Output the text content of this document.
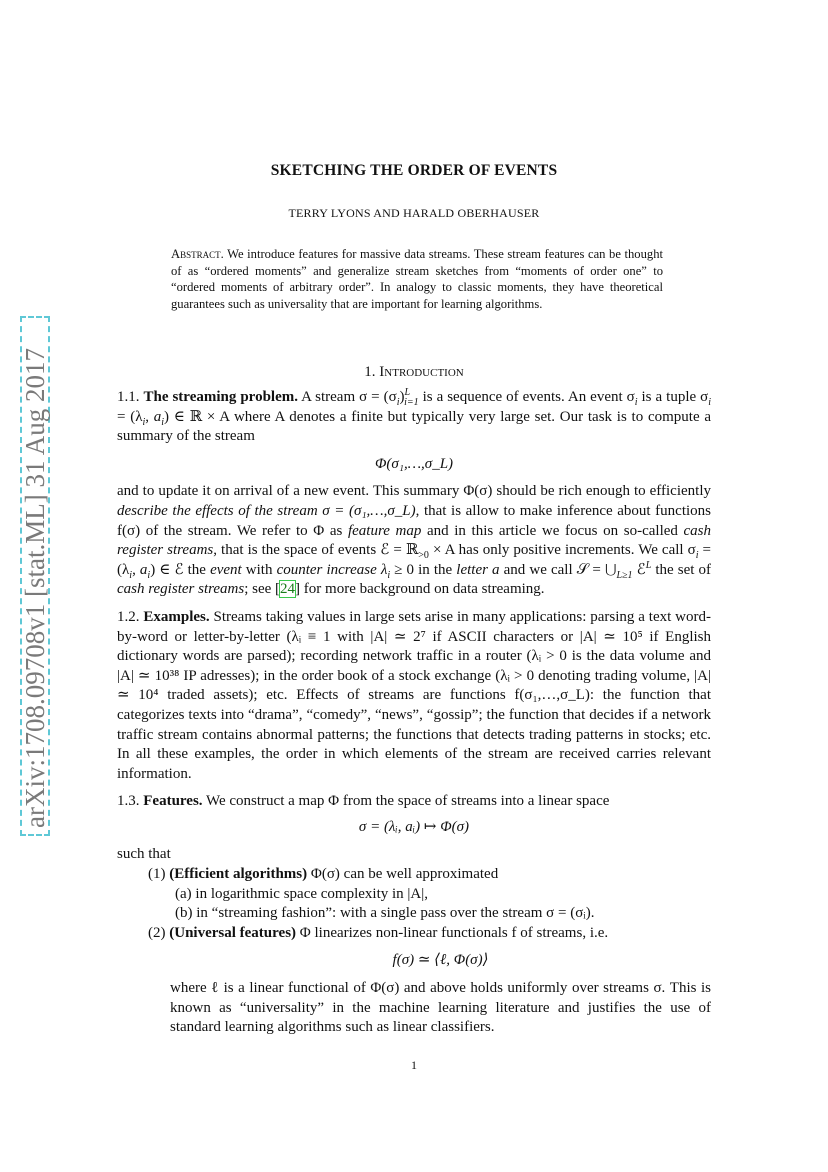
arXiv:1708.09708v1 [stat.ML] 31 Aug 2017
SKETCHING THE ORDER OF EVENTS
TERRY LYONS AND HARALD OBERHAUSER
Abstract. We introduce features for massive data streams. These stream features can be thought of as “ordered moments” and generalize stream sketches from “moments of order one” to “ordered moments of arbitrary order”. In analogy to classic moments, they have theoretical guarantees such as universality that are important for learning algorithms.
1. Introduction

1.1. The streaming problem. A stream $\sigma = (\sigma_i)^L_{i=1}$ is a sequence of events. An event $\sigma_i$ is a tuple $\sigma_i = (\lambda_i$, $a_i$) ∈ ℝ × A where A denotes a finite but typically very large set. Our task is to compute a summary of the stream

Φ(σ₁,…,σ_L)

and to update it on arrival of a new event. This summary Φ(σ) should be rich enough to efficiently describe the effects of the stream σ = (σ₁,…,σ_L), that is allow to make inference about functions f(σ) of the stream. We refer to Φ as feature map and in this article we focus on so-called cash register streams, that is the space of events ℰ = ℝ$_{>0}$ × A has only positive increments. We call $\sigma_i = (\lambda_i$, $a_i$) ∈ ℰ the event with counter increase $\lambda_i \ge 0$ in the letter a and we call 𝒮 = $⋃_{L\ge 1}$ ℰ$^L$ the set of cash register streams; see [24] for more background on data streaming.

1.2. Examples. Streams taking values in large sets arise in many applications: parsing a text word-by-word or letter-by-letter (λᵢ ≡ 1 with |A| ≃ 2⁷ if ASCII characters or |A| ≃ 10⁵ if English dictionary words are parsed); recording network traffic in a router (λᵢ > 0 is the data volume and |A| ≃ 10³⁸ IP adresses); in the order book of a stock exchange (λᵢ > 0 denoting trading volume, |A| ≃ 10⁴ traded assets); etc. Effects of streams are functions f(σ₁,…,σ_L): the function that categorizes texts into “drama”, “comedy”, “news”, “gossip”; the function that decides if a network traffic stream contains abnormal patterns; the functions that detects trading patterns in stocks; etc. In all these examples, the order in which elements of the stream are received carries relevant information.

1.3. Features. We construct a map Φ from the space of streams into a linear space

σ = (λᵢ, aᵢ) ↦ Φ(σ)
such that
(1) (Efficient algorithms) Φ(σ) can be well approximated
(a) in logarithmic space complexity in |A|,
(b) in “streaming fashion”: with a single pass over the stream σ = (σᵢ).
(2) (Universal features) Φ linearizes non-linear functionals f of streams, i.e.
f(σ) ≃ ⟨ℓ, Φ(σ)⟩
where ℓ is a linear functional of Φ(σ) and above holds uniformly over streams σ. This is known as “universality” in the machine learning literature and justifies the use of standard learning algorithms such as linear classifiers.
1
